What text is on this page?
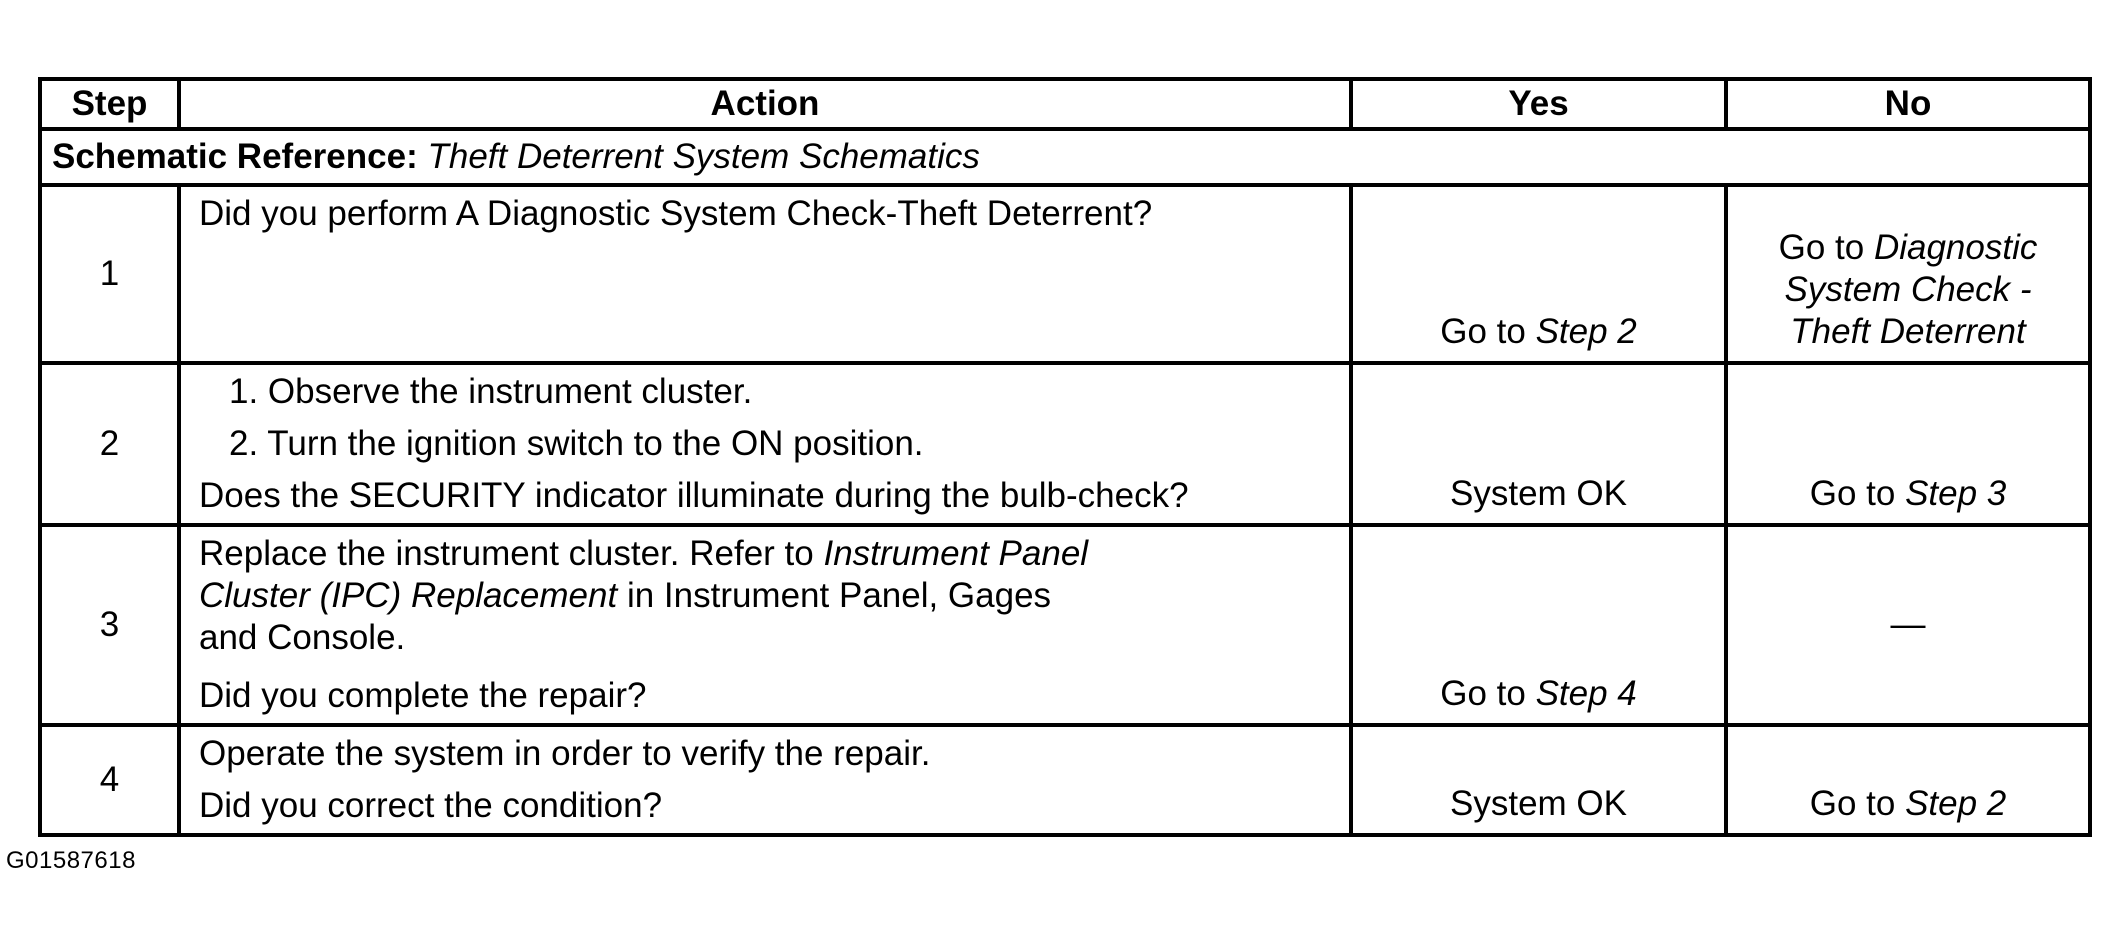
Step	Action	Yes	No
Schematic Reference: Theft Deterrent System Schematics			
1	Did you perform A Diagnostic System Check-Theft Deterrent?	Go to Step 2	Go to Diagnostic
System Check -
Theft Deterrent

2	1. Observe the instrument cluster.
2. Turn the ignition switch to the ON position.
Does the SECURITY indicator illuminate during the bulb-check?	System OK	Go to Step 3
3	Replace the instrument cluster. Refer to Instrument Panel
Cluster (IPC) Replacement in Instrument Panel, Gages
and Console.
Did you complete the repair?	Go to Step 4	—
4	Operate the system in order to verify the repair.
Did you correct the condition?	System OK	Go to Step 2
G01587618
